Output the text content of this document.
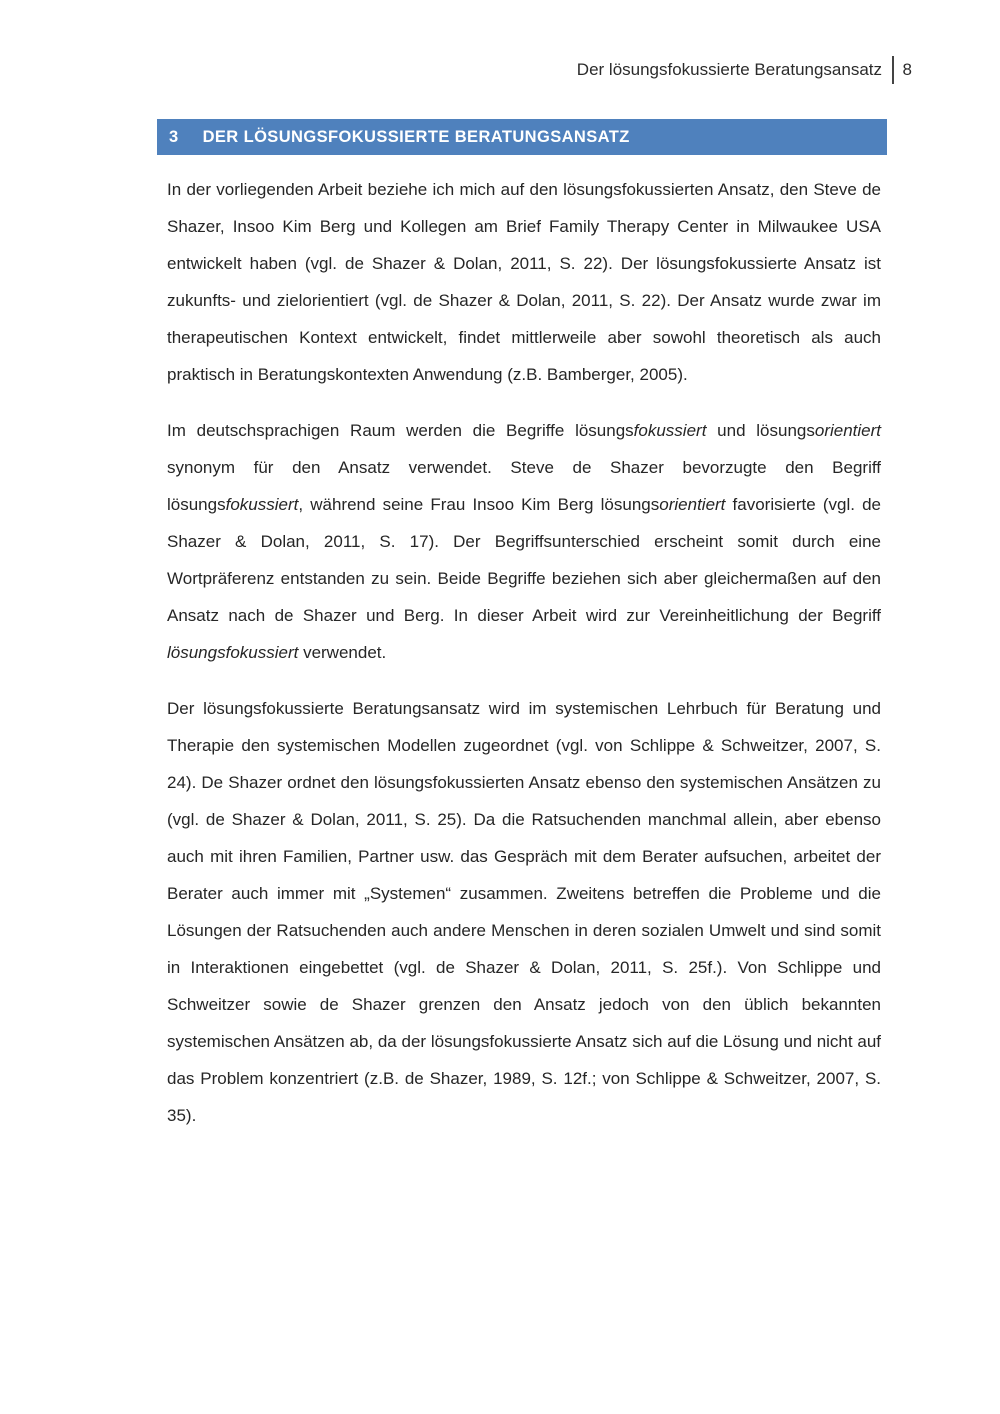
Der lösungsfokussierte Beratungsansatz 8
3 DER LÖSUNGSFOKUSSIERTE BERATUNGSANSATZ

In der vorliegenden Arbeit beziehe ich mich auf den lösungsfokussierten Ansatz, den Steve de Shazer, Insoo Kim Berg und Kollegen am Brief Family Therapy Center in Milwaukee USA entwickelt haben (vgl. de Shazer & Dolan, 2011, S. 22). Der lösungsfokussierte Ansatz ist zukunfts- und zielorientiert (vgl. de Shazer & Dolan, 2011, S. 22). Der Ansatz wurde zwar im therapeutischen Kontext entwickelt, findet mittlerweile aber sowohl theoretisch als auch praktisch in Beratungskontexten Anwendung (z.B. Bamberger, 2005).

Im deutschsprachigen Raum werden die Begriffe lösungsfokussiert und lösungsorientiert synonym für den Ansatz verwendet. Steve de Shazer bevorzugte den Begriff lösungsfokussiert, während seine Frau Insoo Kim Berg lösungsorientiert favorisierte (vgl. de Shazer & Dolan, 2011, S. 17). Der Begriffsunterschied erscheint somit durch eine Wortpräferenz entstanden zu sein. Beide Begriffe beziehen sich aber gleichermaßen auf den Ansatz nach de Shazer und Berg. In dieser Arbeit wird zur Vereinheitlichung der Begriff lösungsfokussiert verwendet.

Der lösungsfokussierte Beratungsansatz wird im systemischen Lehrbuch für Beratung und Therapie den systemischen Modellen zugeordnet (vgl. von Schlippe & Schweitzer, 2007, S. 24). De Shazer ordnet den lösungsfokussierten Ansatz ebenso den systemischen Ansätzen zu (vgl. de Shazer & Dolan, 2011, S. 25). Da die Ratsuchenden manchmal allein, aber ebenso auch mit ihren Familien, Partner usw. das Gespräch mit dem Berater aufsuchen, arbeitet der Berater auch immer mit „Systemen“ zusammen. Zweitens betreffen die Probleme und die Lösungen der Ratsuchenden auch andere Menschen in deren sozialen Umwelt und sind somit in Interaktionen eingebettet (vgl. de Shazer & Dolan, 2011, S. 25f.). Von Schlippe und Schweitzer sowie de Shazer grenzen den Ansatz jedoch von den üblich bekannten systemischen Ansätzen ab, da der lösungsfokussierte Ansatz sich auf die Lösung und nicht auf das Problem konzentriert (z.B. de Shazer, 1989, S. 12f.; von Schlippe & Schweitzer, 2007, S. 35).
